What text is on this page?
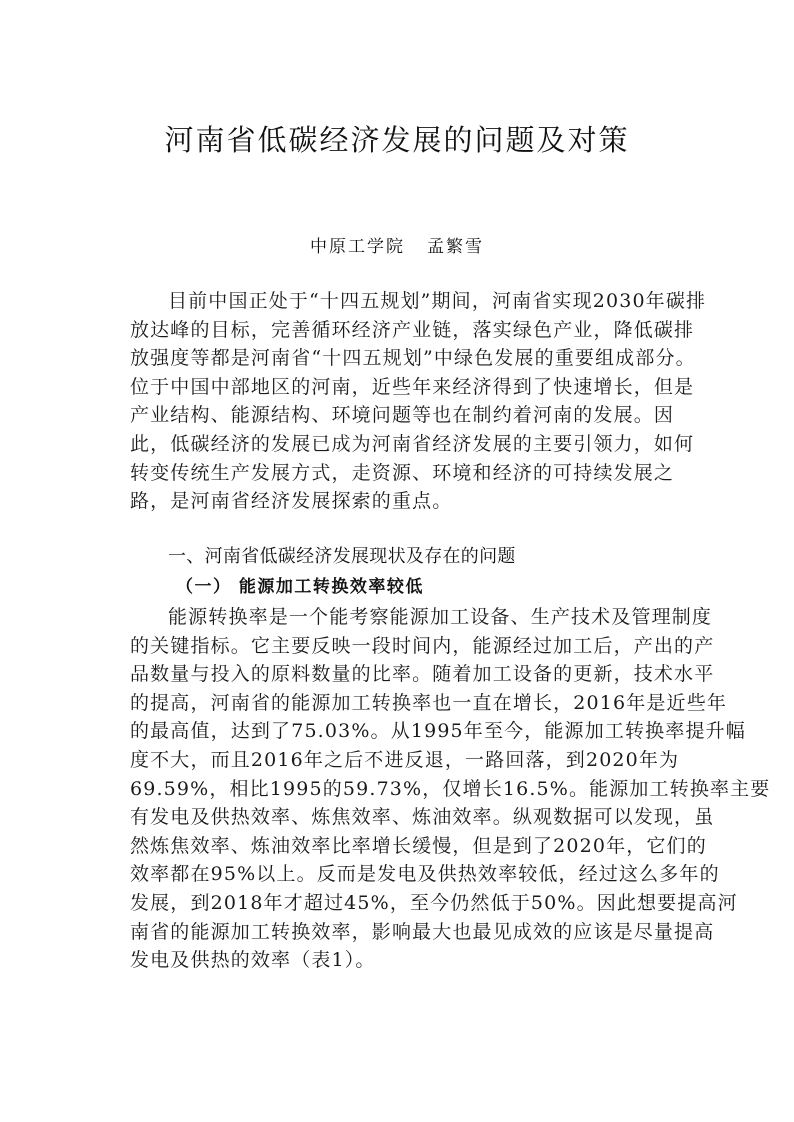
河南省低碳经济发展的问题及对策
中原工学院 孟繁雪
目前中国正处于“十四五规划”期间，河南省实现2030年碳排
放达峰的目标，完善循环经济产业链，落实绿色产业，降低碳排
放强度等都是河南省“十四五规划”中绿色发展的重要组成部分。
位于中国中部地区的河南，近些年来经济得到了快速增长，但是
产业结构、能源结构、环境问题等也在制约着河南的发展。因
此，低碳经济的发展已成为河南省经济发展的主要引领力，如何
转变传统生产发展方式，走资源、环境和经济的可持续发展之
路，是河南省经济发展探索的重点。
一、河南省低碳经济发展现状及存在的问题
（一） 能源加工转换效率较低
能源转换率是一个能考察能源加工设备、生产技术及管理制度
的关键指标。它主要反映一段时间内，能源经过加工后，产出的产
品数量与投入的原料数量的比率。随着加工设备的更新，技术水平
的提高，河南省的能源加工转换率也一直在增长，2016年是近些年
的最高值，达到了75.03%。从1995年至今，能源加工转换率提升幅
度不大，而且2016年之后不进反退，一路回落，到2020年为
69.59%，相比1995的59.73%，仅增长16.5%。能源加工转换率主要
有发电及供热效率、炼焦效率、炼油效率。纵观数据可以发现，虽
然炼焦效率、炼油效率比率增长缓慢，但是到了2020年，它们的
效率都在95%以上。反而是发电及供热效率较低，经过这么多年的
发展，到2018年才超过45%，至今仍然低于50%。因此想要提高河
南省的能源加工转换效率，影响最大也最见成效的应该是尽量提高
发电及供热的效率（表1）。
